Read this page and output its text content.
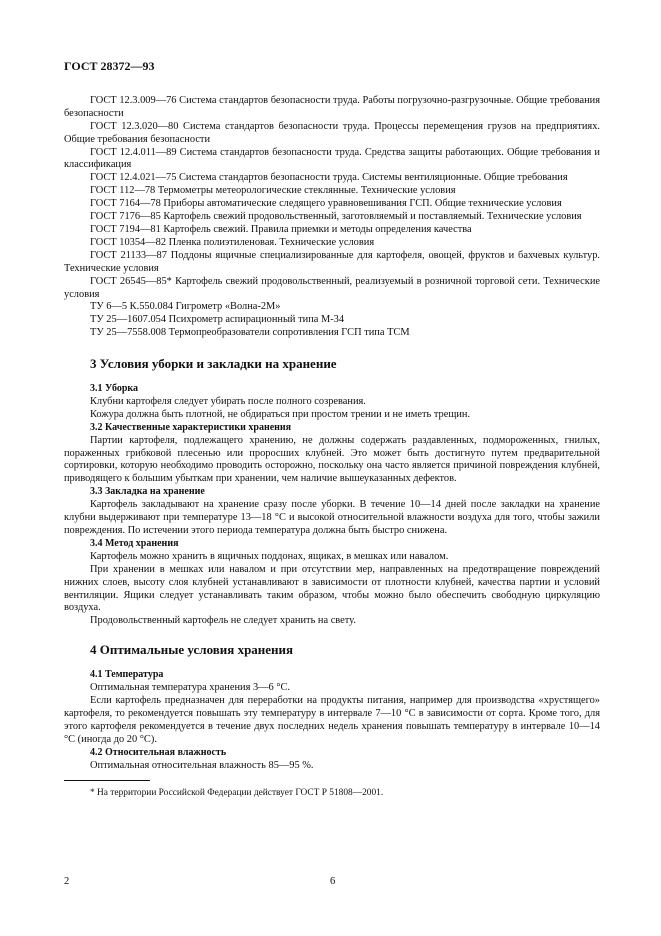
ГОСТ 28372—93

ГОСТ 12.3.009—76 Система стандартов безопасности труда. Работы погрузочно-разгрузочные. Общие требования безопасности

ГОСТ 12.3.020—80 Система стандартов безопасности труда. Процессы перемещения грузов на предприятиях. Общие требования безопасности

ГОСТ 12.4.011—89 Система стандартов безопасности труда. Средства защиты работающих. Общие требования и классификация

ГОСТ 12.4.021—75 Система стандартов безопасности труда. Системы вентиляционные. Общие требования

ГОСТ 112—78 Термометры метеорологические стеклянные. Технические условия

ГОСТ 7164—78 Приборы автоматические следящего уравновешивания ГСП. Общие технические условия

ГОСТ 7176—85 Картофель свежий продовольственный, заготовляемый и поставляемый. Технические условия

ГОСТ 7194—81 Картофель свежий. Правила приемки и методы определения качества

ГОСТ 10354—82 Пленка полиэтиленовая. Технические условия

ГОСТ 21133—87 Поддоны ящичные специализированные для картофеля, овощей, фруктов и бахчевых культур. Технические условия

ГОСТ 26545—85* Картофель свежий продовольственный, реализуемый в розничной торговой сети. Технические условия

ТУ 6—5 К.550.084 Гигрометр «Волна-2М»

ТУ 25—1607.054 Психрометр аспирационный типа М-34

ТУ 25—7558.008 Термопреобразователи сопротивления ГСП типа ТСМ

3 Условия уборки и закладки на хранение
3.1 Уборка

Клубни картофеля следует убирать после полного созревания.

Кожура должна быть плотной, не обдираться при простом трении и не иметь трещин.

3.2 Качественные характеристики хранения

Партии картофеля, подлежащего хранению, не должны содержать раздавленных, подмороженных, гнилых, пораженных грибковой плесенью или проросших клубней. Это может быть достигнуто путем предварительной сортировки, которую необходимо проводить осторожно, поскольку она часто является причиной повреждения клубней, приводящего к большим убыткам при хранении, чем наличие вышеуказанных дефектов.

3.3 Закладка на хранение

Картофель закладывают на хранение сразу после уборки. В течение 10—14 дней после закладки на хранение клубни выдерживают при температуре 13—18 °С и высокой относительной влажности воздуха для того, чтобы зажили повреждения. По истечении этого периода температура должна быть быстро снижена.

3.4 Метод хранения

Картофель можно хранить в ящичных поддонах, ящиках, в мешках или навалом.

При хранении в мешках или навалом и при отсутствии мер, направленных на предотвращение повреждений нижних слоев, высоту слоя клубней устанавливают в зависимости от плотности клубней, качества партии и условий вентиляции. Ящики следует устанавливать таким образом, чтобы можно было обеспечить свободную циркуляцию воздуха.

Продовольственный картофель не следует хранить на свету.

4 Оптимальные условия хранения
4.1 Температура

Оптимальная температура хранения 3—6 °С.

Если картофель предназначен для переработки на продукты питания, например для производства «хрустящего» картофеля, то рекомендуется повышать эту температуру в интервале 7—10 °С в зависимости от сорта. Кроме того, для этого картофеля рекомендуется в течение двух последних недель хранения повышать температуру в интервале 10—14 °С (иногда до 20 °С).

4.2 Относительная влажность

Оптимальная относительная влажность 85—95 %.

* На территории Российской Федерации действует ГОСТ Р 51808—2001.
2	6
